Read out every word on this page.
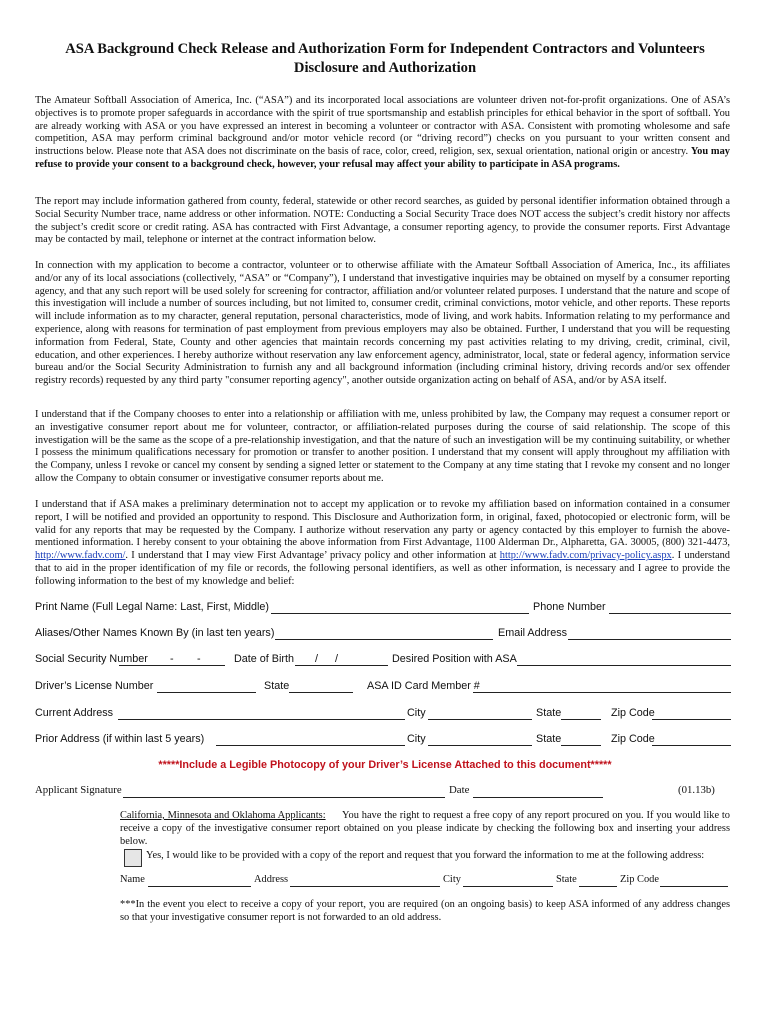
ASA Background Check Release and Authorization Form for Independent Contractors and Volunteers
Disclosure and Authorization

The Amateur Softball Association of America, Inc. (“ASA”) and its incorporated local associations are volunteer driven not-for-profit organizations. One of ASA’s objectives is to promote proper safeguards in accordance with the spirit of true sportsmanship and establish principles for ethical behavior in the sport of softball. You are already working with ASA or you have expressed an interest in becoming a volunteer or contractor with ASA. Consistent with promoting wholesome and safe competition, ASA may perform criminal background and/or motor vehicle record (or “driving record”) checks on you pursuant to your written consent and instructions below. Please note that ASA does not discriminate on the basis of race, color, creed, religion, sex, sexual orientation, national origin or ancestry. You may refuse to provide your consent to a background check, however, your refusal may affect your ability to participate in ASA programs.

The report may include information gathered from county, federal, statewide or other record searches, as guided by personal identifier information obtained through a Social Security Number trace, name address or other information. NOTE: Conducting a Social Security Trace does NOT access the subject’s credit history nor affects the subject’s credit score or credit rating. ASA has contracted with First Advantage, a consumer reporting agency, to provide the consumer reports. First Advantage may be contacted by mail, telephone or internet at the contract information below.

In connection with my application to become a contractor, volunteer or to otherwise affiliate with the Amateur Softball Association of America, Inc., its affiliates and/or any of its local associations (collectively, “ASA” or “Company”), I understand that investigative inquiries may be obtained on myself by a consumer reporting agency, and that any such report will be used solely for screening for contractor, affiliation and/or volunteer related purposes. I understand that the nature and scope of this investigation will include a number of sources including, but not limited to, consumer credit, criminal convictions, motor vehicle, and other reports. These reports will include information as to my character, general reputation, personal characteristics, mode of living, and work habits. Information relating to my performance and experience, along with reasons for termination of past employment from previous employers may also be obtained. Further, I understand that you will be requesting information from Federal, State, County and other agencies that maintain records concerning my past activities relating to my driving, credit, criminal, civil, education, and other experiences. I hereby authorize without reservation any law enforcement agency, administrator, local, state or federal agency, information service bureau and/or the Social Security Administration to furnish any and all background information (including criminal history, driving records and/or sex offender registry records) requested by any third party "consumer reporting agency", another outside organization acting on behalf of ASA, and/or by ASA itself.

I understand that if the Company chooses to enter into a relationship or affiliation with me, unless prohibited by law, the Company may request a consumer report or an investigative consumer report about me for volunteer, contractor, or affiliation-related purposes during the course of said relationship. The scope of this investigation will be the same as the scope of a pre-relationship investigation, and that the nature of such an investigation will be my continuing suitability, or whether I possess the minimum qualifications necessary for promotion or transfer to another position. I understand that my consent will apply throughout my affiliation with the Company, unless I revoke or cancel my consent by sending a signed letter or statement to the Company at any time stating that I revoke my consent and no longer allow the Company to obtain consumer or investigative consumer reports about me.

I understand that if ASA makes a preliminary determination not to accept my application or to revoke my affiliation based on information contained in a consumer report, I will be notified and provided an opportunity to respond. This Disclosure and Authorization form, in original, faxed, photocopied or electronic form, will be valid for any reports that may be requested by the Company. I authorize without reservation any party or agency contacted by this employer to furnish the above-mentioned information. I hereby consent to your obtaining the above information from First Advantage, 1100 Alderman Dr., Alpharetta, GA. 30005, (800) 321-4473, http://www.fadv.com/. I understand that I may view First Advantage’ privacy policy and other information at http://www.fadv.com/privacy-policy.aspx. I understand that to aid in the proper identification of my file or records, the following personal identifiers, as well as other information, is necessary and I agree to provide the following information to the best of my knowledge and belief:

Print Name (Full Legal Name: Last, First, Middle)	Phone Number
Aliases/Other Names Known By (in last ten years)	Email Address
Social Security Number - -	Date of Birth / /	Desired Position with ASA
Driver’s License Number	State	ASA ID Card Member #
Current Address	City	State	Zip Code
Prior Address (if within last 5 years)	City	State	Zip Code
*****Include a Legible Photocopy of your Driver’s License Attached to this document*****
Applicant Signature	Date	(01.13b)

California, Minnesota and Oklahoma Applicants: You have the right to request a free copy of any report procured on you. If you would like to receive a copy of the investigative consumer report obtained on you please indicate by checking the following box and inserting your address below.

Yes, I would like to be provided with a copy of the report and request that you forward the information to me at the following address:
Name	Address	City	State	Zip Code

***In the event you elect to receive a copy of your report, you are required (on an ongoing basis) to keep ASA informed of any address changes so that your investigative consumer report is not forwarded to an old address.
